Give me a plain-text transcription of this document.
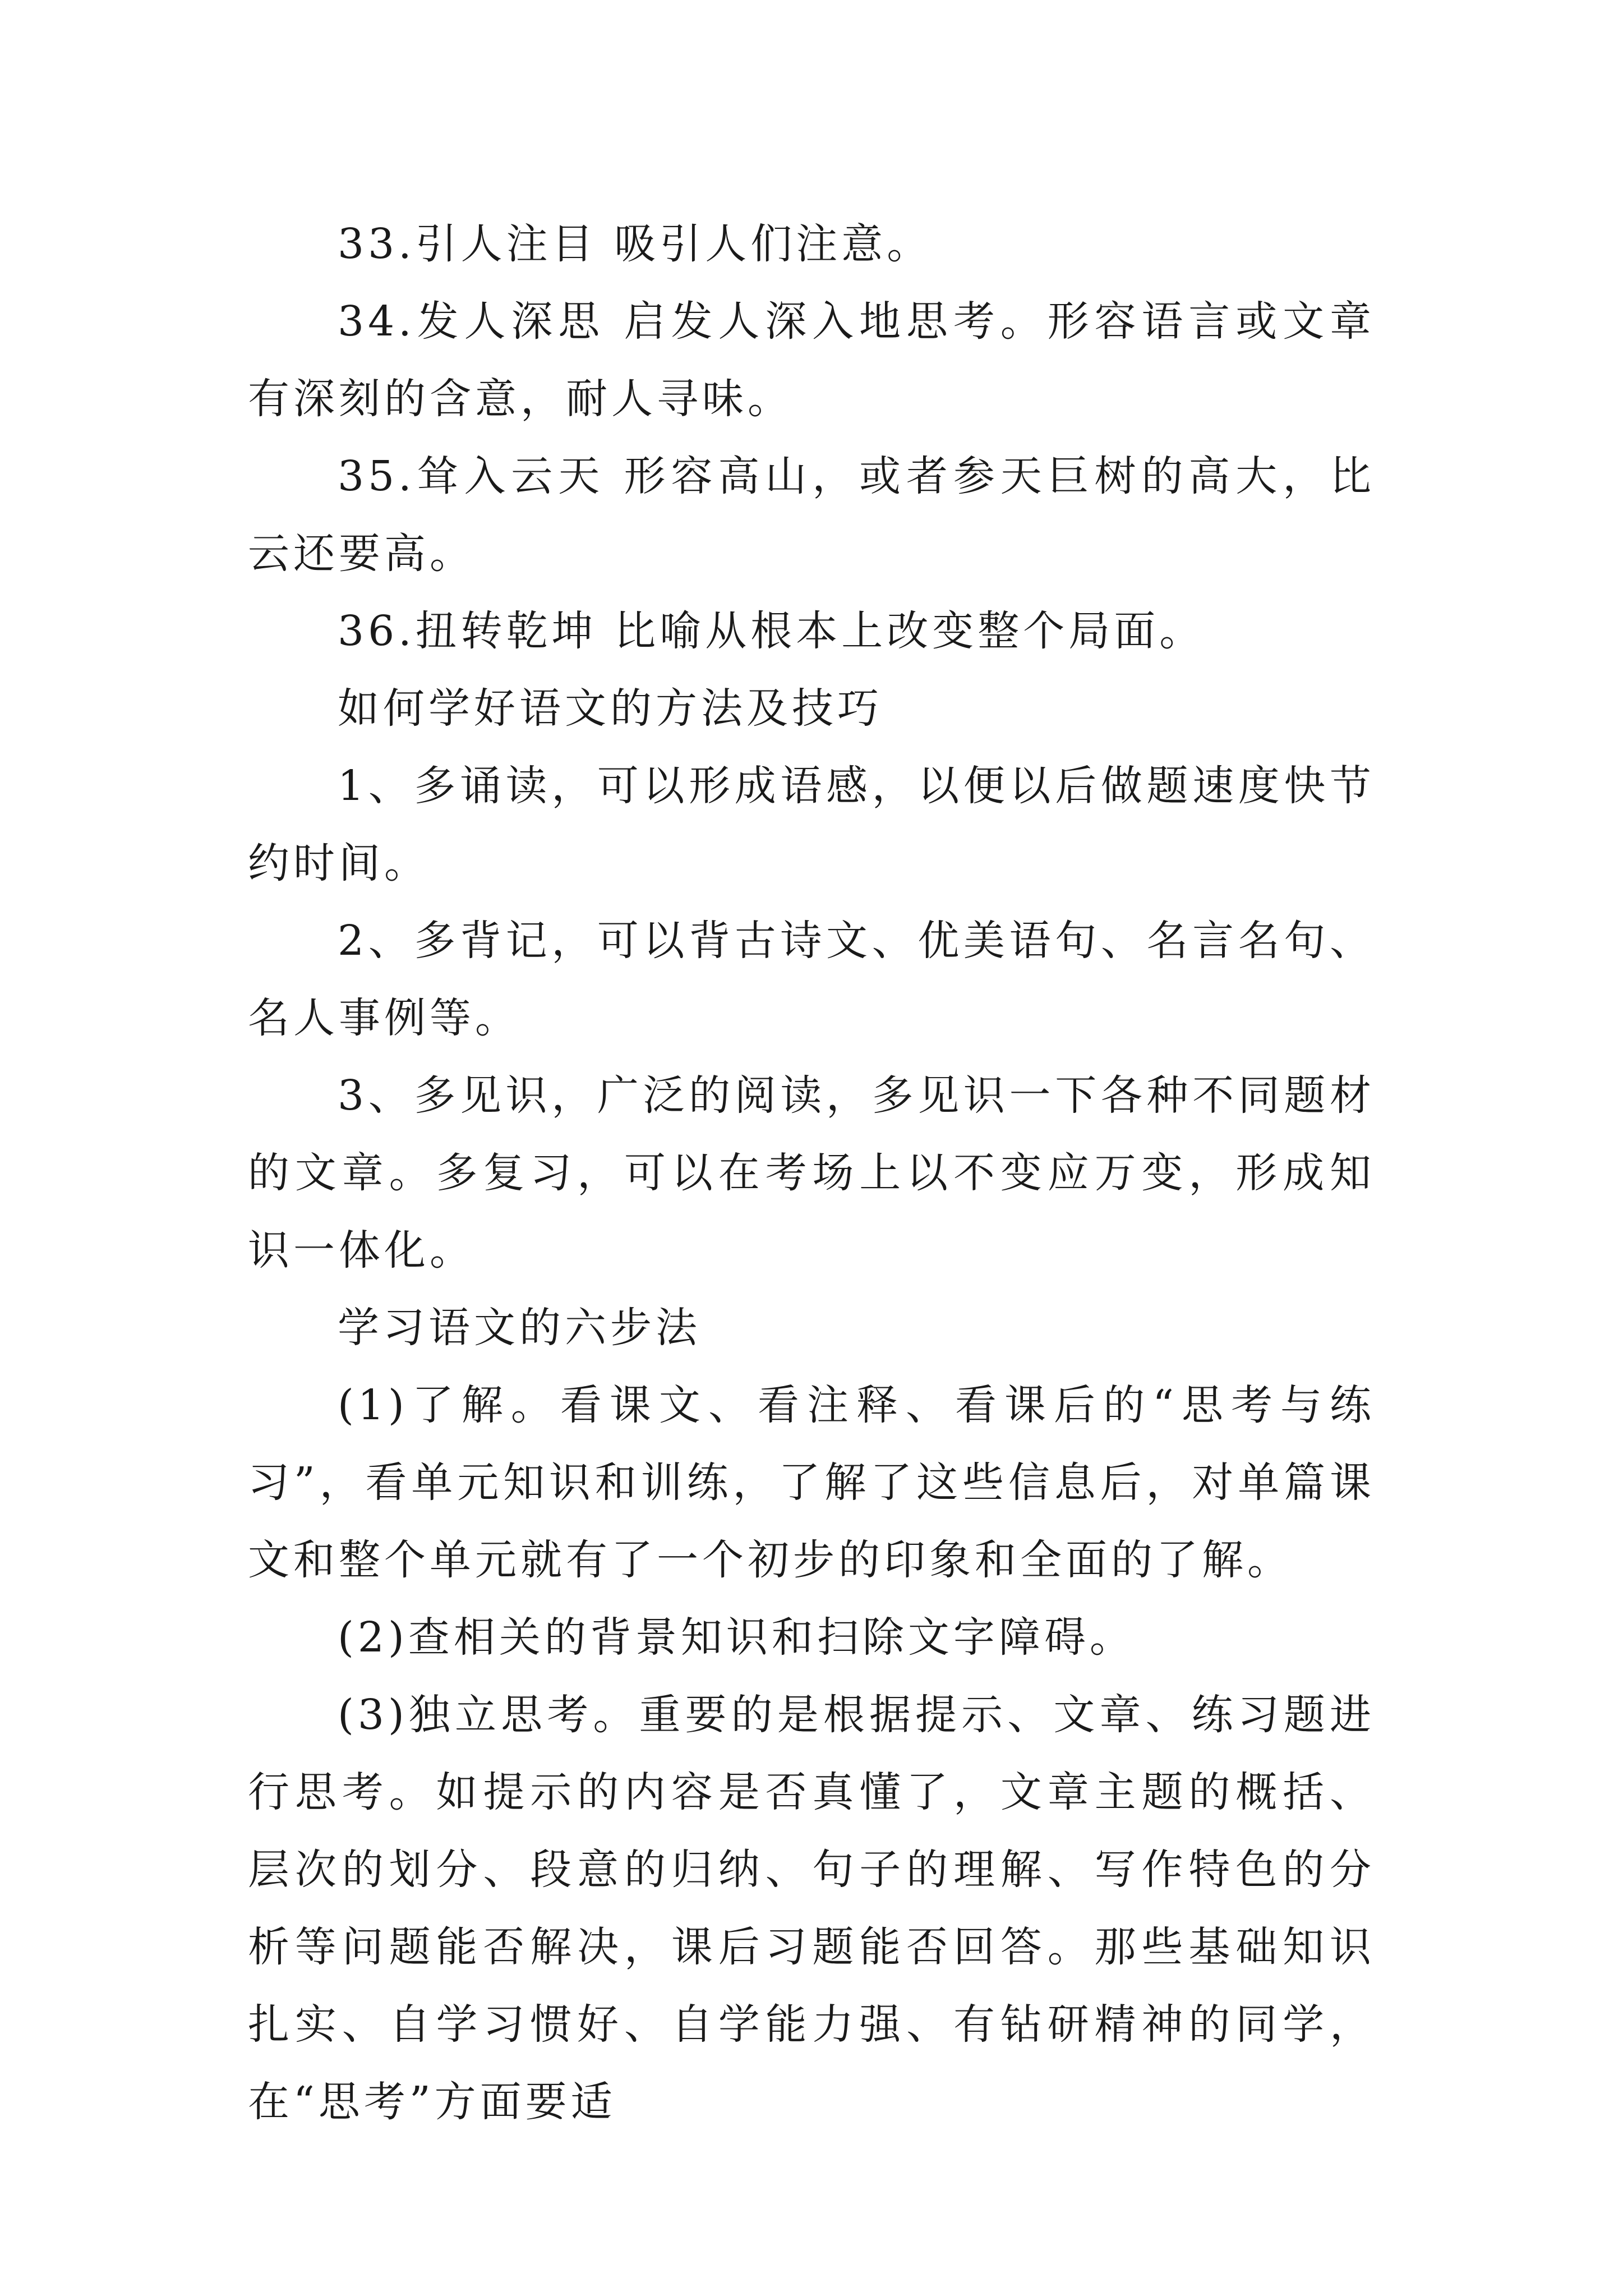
33.引人注目 吸引人们注意。

34.发人深思 启发人深入地思考。形容语言或文章有深刻的含意，耐人寻味。

35.耸入云天 形容高山，或者参天巨树的高大，比云还要高。

36.扭转乾坤 比喻从根本上改变整个局面。

如何学好语文的方法及技巧

1、多诵读，可以形成语感，以便以后做题速度快节约时间。

2、多背记，可以背古诗文、优美语句、名言名句、名人事例等。

3、多见识，广泛的阅读，多见识一下各种不同题材的文章。多复习，可以在考场上以不变应万变，形成知识一体化。

学习语文的六步法

(1)了解。看课文、看注释、看课后的“思考与练习”，看单元知识和训练，了解了这些信息后，对单篇课文和整个单元就有了一个初步的印象和全面的了解。

(2)查相关的背景知识和扫除文字障碍。

(3)独立思考。重要的是根据提示、文章、练习题进行思考。如提示的内容是否真懂了，文章主题的概括、层次的划分、段意的归纳、句子的理解、写作特色的分析等问题能否解决，课后习题能否回答。那些基础知识扎实、自学习惯好、自学能力强、有钻研精神的同学，在“思考”方面要适
